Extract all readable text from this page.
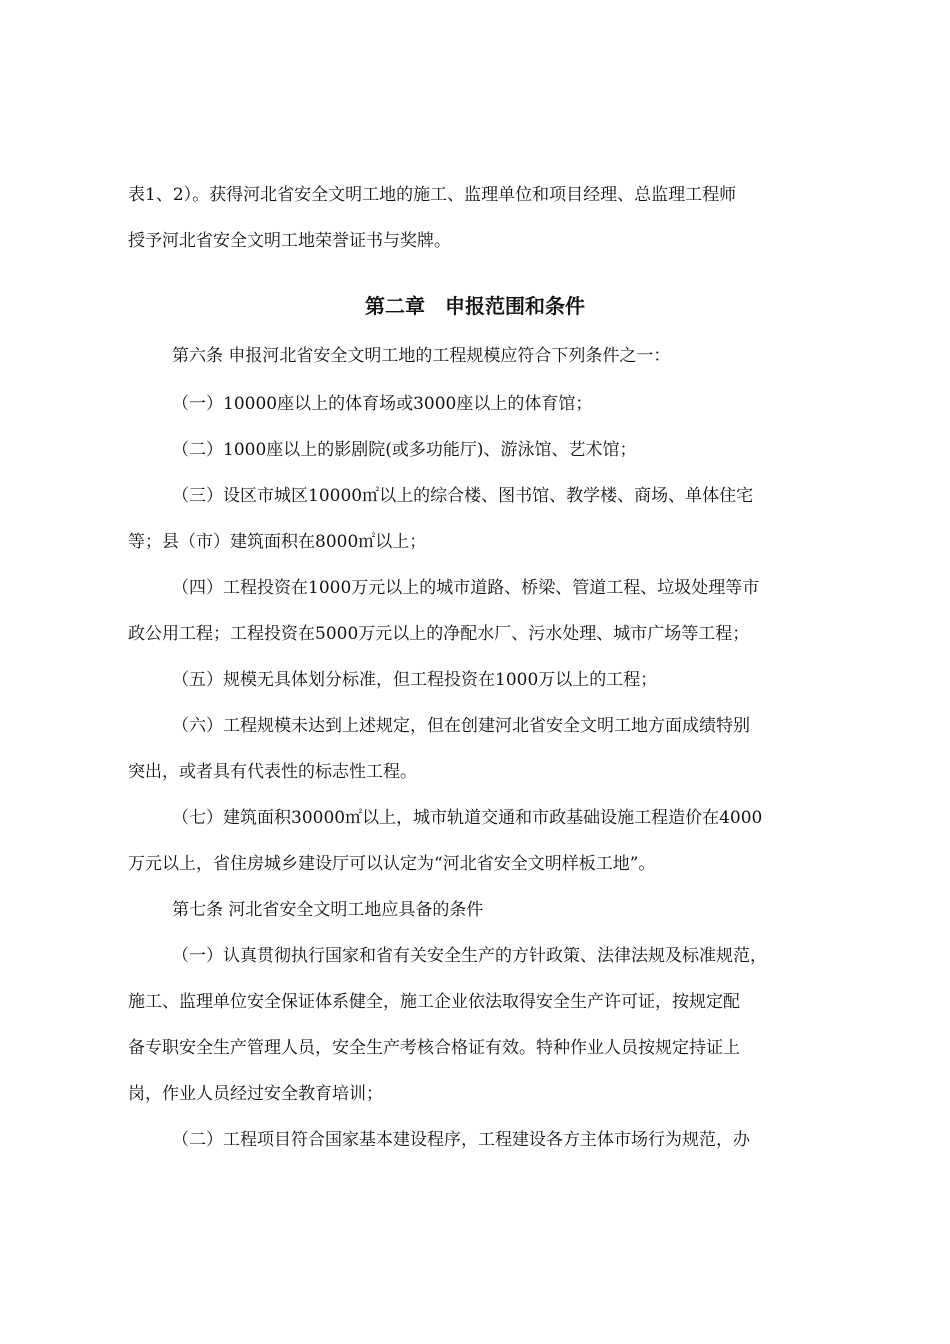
表1、2）。获得河北省安全文明工地的施工、监理单位和项目经理、总监理工程师
授予河北省安全文明工地荣誉证书与奖牌。
第二章　申报范围和条件
第六条 申报河北省安全文明工地的工程规模应符合下列条件之一：
（一）10000座以上的体育场或3000座以上的体育馆；
（二）1000座以上的影剧院(或多功能厅)、游泳馆、艺术馆；
（三）设区市城区10000㎡以上的综合楼、图书馆、教学楼、商场、单体住宅
等；县（市）建筑面积在8000㎡以上；
（四）工程投资在1000万元以上的城市道路、桥梁、管道工程、垃圾处理等市
政公用工程；工程投资在5000万元以上的净配水厂、污水处理、城市广场等工程；
（五）规模无具体划分标准，但工程投资在1000万以上的工程；
（六）工程规模未达到上述规定，但在创建河北省安全文明工地方面成绩特别
突出，或者具有代表性的标志性工程。
（七）建筑面积30000㎡以上，城市轨道交通和市政基础设施工程造价在4000
万元以上，省住房城乡建设厅可以认定为“河北省安全文明样板工地”。
第七条 河北省安全文明工地应具备的条件
（一）认真贯彻执行国家和省有关安全生产的方针政策、法律法规及标准规范，
施工、监理单位安全保证体系健全，施工企业依法取得安全生产许可证，按规定配
备专职安全生产管理人员，安全生产考核合格证有效。特种作业人员按规定持证上
岗，作业人员经过安全教育培训；
（二）工程项目符合国家基本建设程序，工程建设各方主体市场行为规范，办
